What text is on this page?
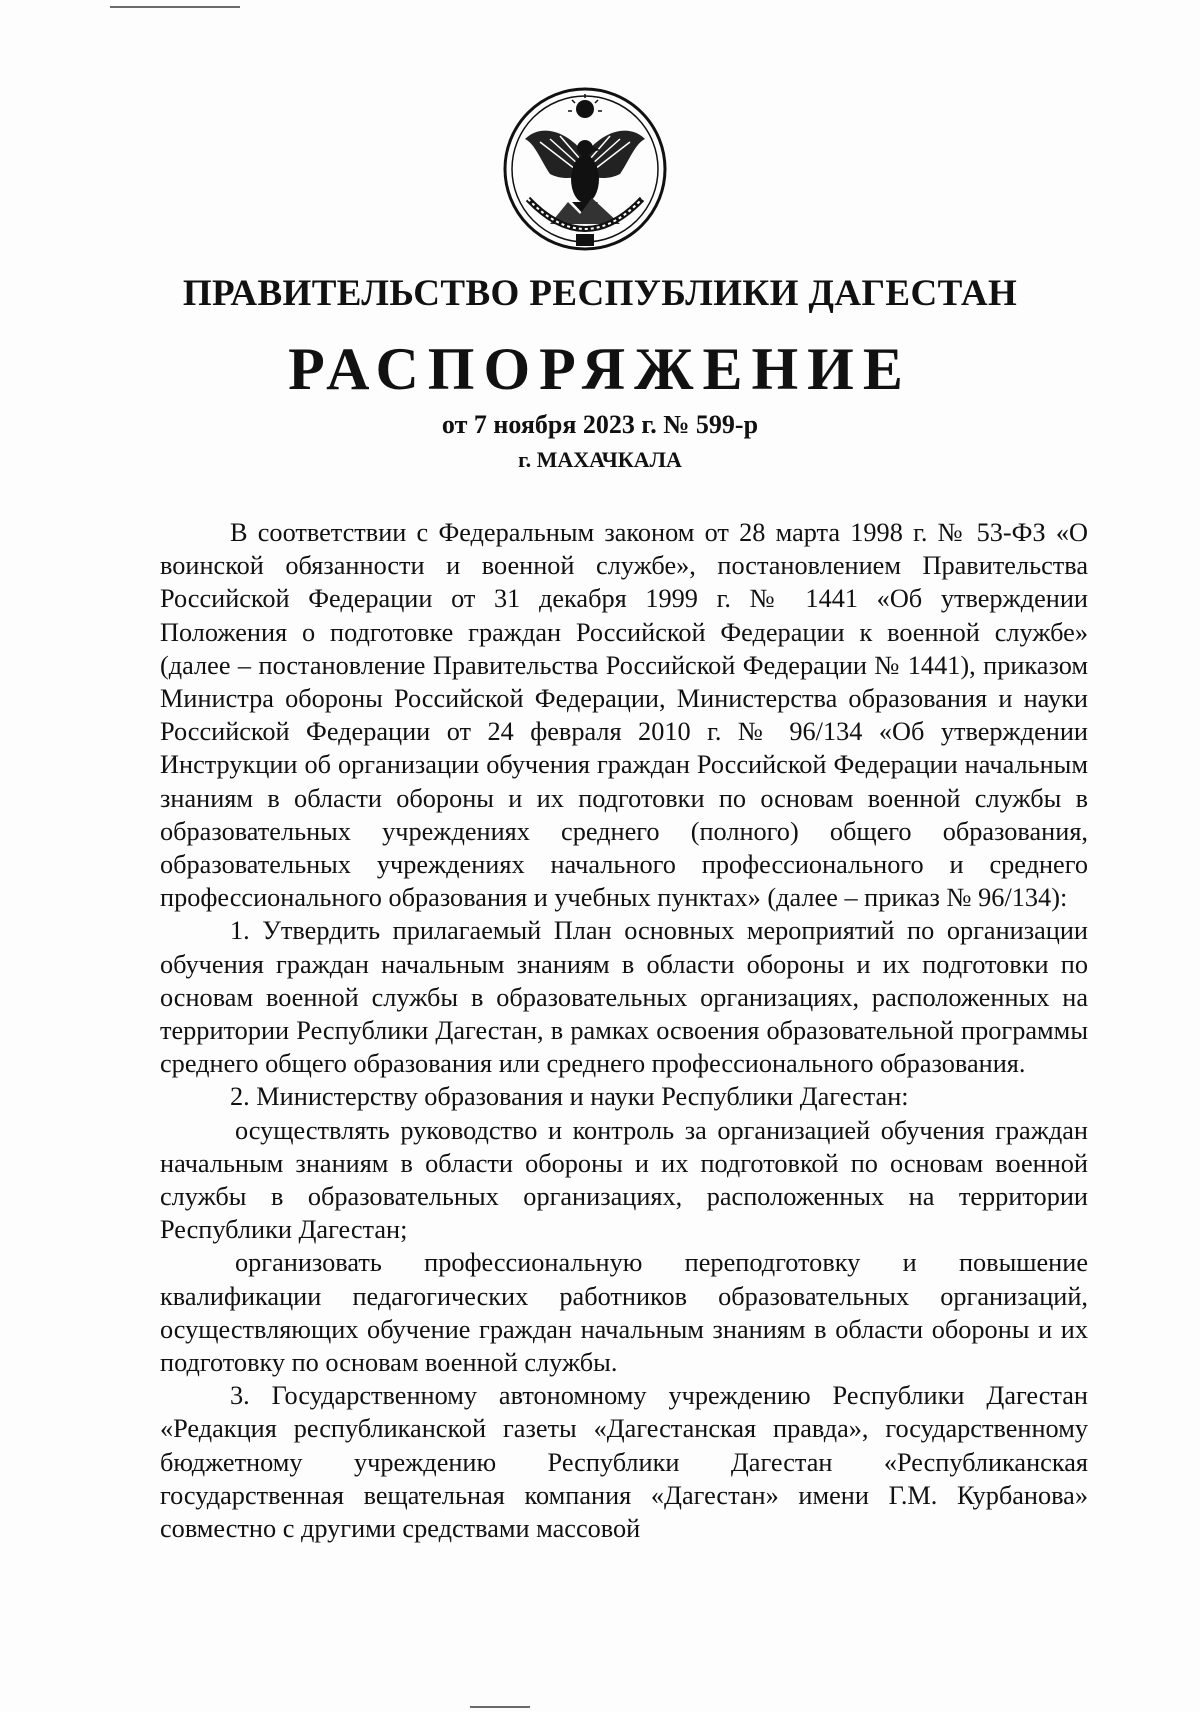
ПРАВИТЕЛЬСТВО РЕСПУБЛИКИ ДАГЕСТАН
РАСПОРЯЖЕНИЕ
от 7 ноября 2023 г. № 599-р
г. МАХАЧКАЛА

В соответствии с Федеральным законом от 28 марта 1998 г. № 53-ФЗ «О воинской обязанности и военной службе», постановлением Правительства Российской Федерации от 31 декабря 1999 г. № 1441 «Об утверждении Положения о подготовке граждан Российской Федерации к военной службе» (далее – постановление Правительства Российской Федерации № 1441), приказом Министра обороны Российской Федерации, Министерства образования и науки Российской Федерации от 24 февраля 2010 г. № 96/134 «Об утверждении Инструкции об организации обучения граждан Российской Федерации начальным знаниям в области обороны и их подготовки по основам военной службы в образовательных учреждениях среднего (полного) общего образования, образовательных учреждениях начального профессионального и среднего профессионального образования и учебных пунктах» (далее – приказ № 96/134):

1. Утвердить прилагаемый План основных мероприятий по организации обучения граждан начальным знаниям в области обороны и их подготовки по основам военной службы в образовательных организациях, расположенных на территории Республики Дагестан, в рамках освоения образовательной программы среднего общего образования или среднего профессионального образования.

2. Министерству образования и науки Республики Дагестан:

осуществлять руководство и контроль за организацией обучения граждан начальным знаниям в области обороны и их подготовкой по основам военной службы в образовательных организациях, расположенных на территории Республики Дагестан;

организовать профессиональную переподготовку и повышение квалификации педагогических работников образовательных организаций, осуществляющих обучение граждан начальным знаниям в области обороны и их подготовку по основам военной службы.

3. Государственному автономному учреждению Республики Дагестан «Редакция республиканской газеты «Дагестанская правда», государственному бюджетному учреждению Республики Дагестан «Республиканская государственная вещательная компания «Дагестан» имени Г.М. Курбанова» совместно с другими средствами массовой
